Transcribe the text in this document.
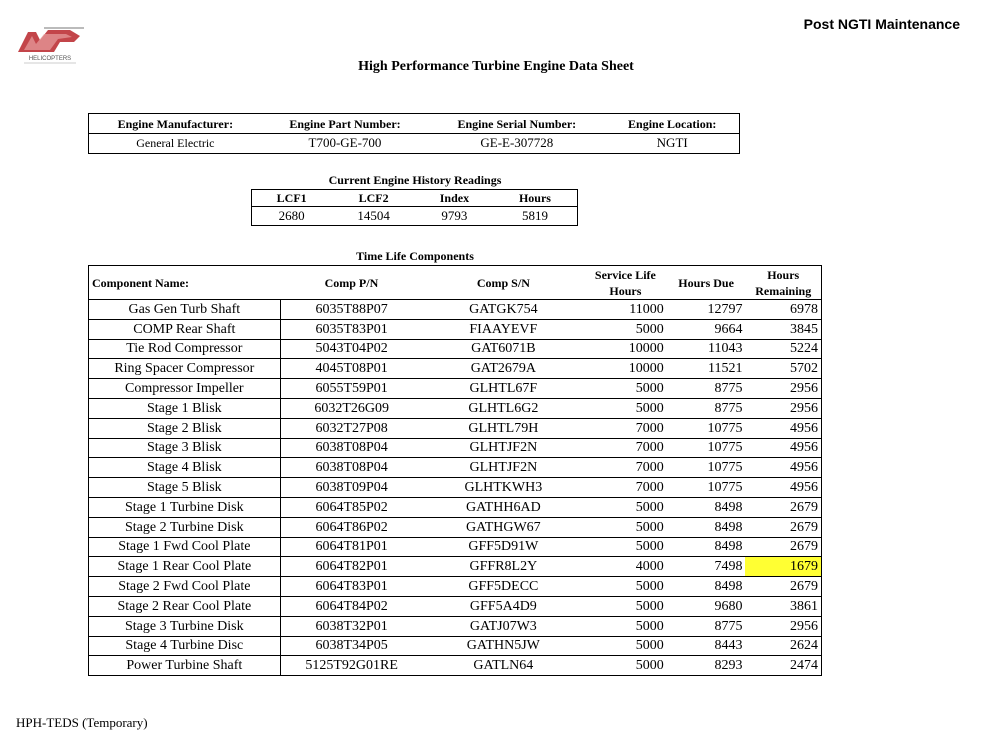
HELICOPTERS
Post NGTI Maintenance
High Performance Turbine Engine Data Sheet
Engine Manufacturer:	Engine Part Number:	Engine Serial Number:	Engine Location:
General Electric	T700-GE-700	GE-E-307728	NGTI
Current Engine History Readings
LCF1	LCF2	Index	Hours
2680	14504	9793	5819
Time Life Components
Component Name:	Comp P/N	Comp S/N	Service Life Hours	Hours Due	Hours Remaining
Gas Gen Turb Shaft	6035T88P07	GATGK754	11000	12797	6978
COMP Rear Shaft	6035T83P01	FIAAYEVF	5000	9664	3845
Tie Rod Compressor	5043T04P02	GAT6071B	10000	11043	5224
Ring Spacer Compressor	4045T08P01	GAT2679A	10000	11521	5702
Compressor Impeller	6055T59P01	GLHTL67F	5000	8775	2956
Stage 1 Blisk	6032T26G09	GLHTL6G2	5000	8775	2956
Stage 2 Blisk	6032T27P08	GLHTL79H	7000	10775	4956
Stage 3 Blisk	6038T08P04	GLHTJF2N	7000	10775	4956
Stage 4 Blisk	6038T08P04	GLHTJF2N	7000	10775	4956
Stage 5 Blisk	6038T09P04	GLHTKWH3	7000	10775	4956
Stage 1 Turbine Disk	6064T85P02	GATHH6AD	5000	8498	2679
Stage 2 Turbine Disk	6064T86P02	GATHGW67	5000	8498	2679
Stage 1 Fwd Cool Plate	6064T81P01	GFF5D91W	5000	8498	2679
Stage 1 Rear Cool Plate	6064T82P01	GFFR8L2Y	4000	7498	1679
Stage 2 Fwd Cool Plate	6064T83P01	GFF5DECC	5000	8498	2679
Stage 2 Rear Cool Plate	6064T84P02	GFF5A4D9	5000	9680	3861
Stage 3 Turbine Disk	6038T32P01	GATJ07W3	5000	8775	2956
Stage 4 Turbine Disc	6038T34P05	GATHN5JW	5000	8443	2624
Power Turbine Shaft	5125T92G01RE	GATLN64	5000	8293	2474
HPH-TEDS (Temporary)
